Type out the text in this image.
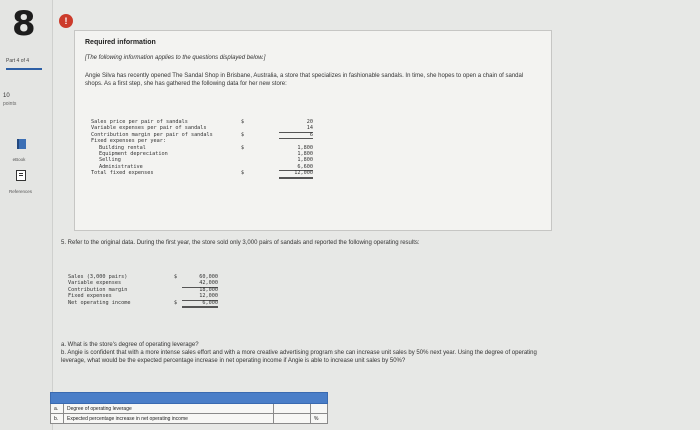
8
Part 4 of 4
10
points
eBook
References
!
Required information
[The following information applies to the questions displayed below.]
Angie Silva has recently opened The Sandal Shop in Brisbane, Australia, a store that specializes in fashionable sandals. In time, she hopes to open a chain of sandal shops. As a first step, she has gathered the following data for her new store:
Sales price per pair of sandals	$	20
Variable expenses per pair of sandals	14
Contribution margin per pair of sandals	$	6
Fixed expenses per year:
Building rental	$	1,800
Equipment depreciation	1,800
Selling	1,800
Administrative	6,600
Total fixed expenses	$	12,000
5. Refer to the original data. During the first year, the store sold only 3,000 pairs of sandals and reported the following operating results:
Sales (3,000 pairs)	$	60,000
Variable expenses	42,000
Contribution margin	18,000
Fixed expenses	12,000
Net operating income	$	6,000
a. What is the store's degree of operating leverage?
b. Angie is confident that with a more intense sales effort and with a more creative advertising program she can increase unit sales by 50% next year. Using the degree of operating leverage, what would be the expected percentage increase in net operating income if Angie is able to increase unit sales by 50%?

a.	Degree of operating leverage		
b.	Expected percentage increase in net operating income		%
